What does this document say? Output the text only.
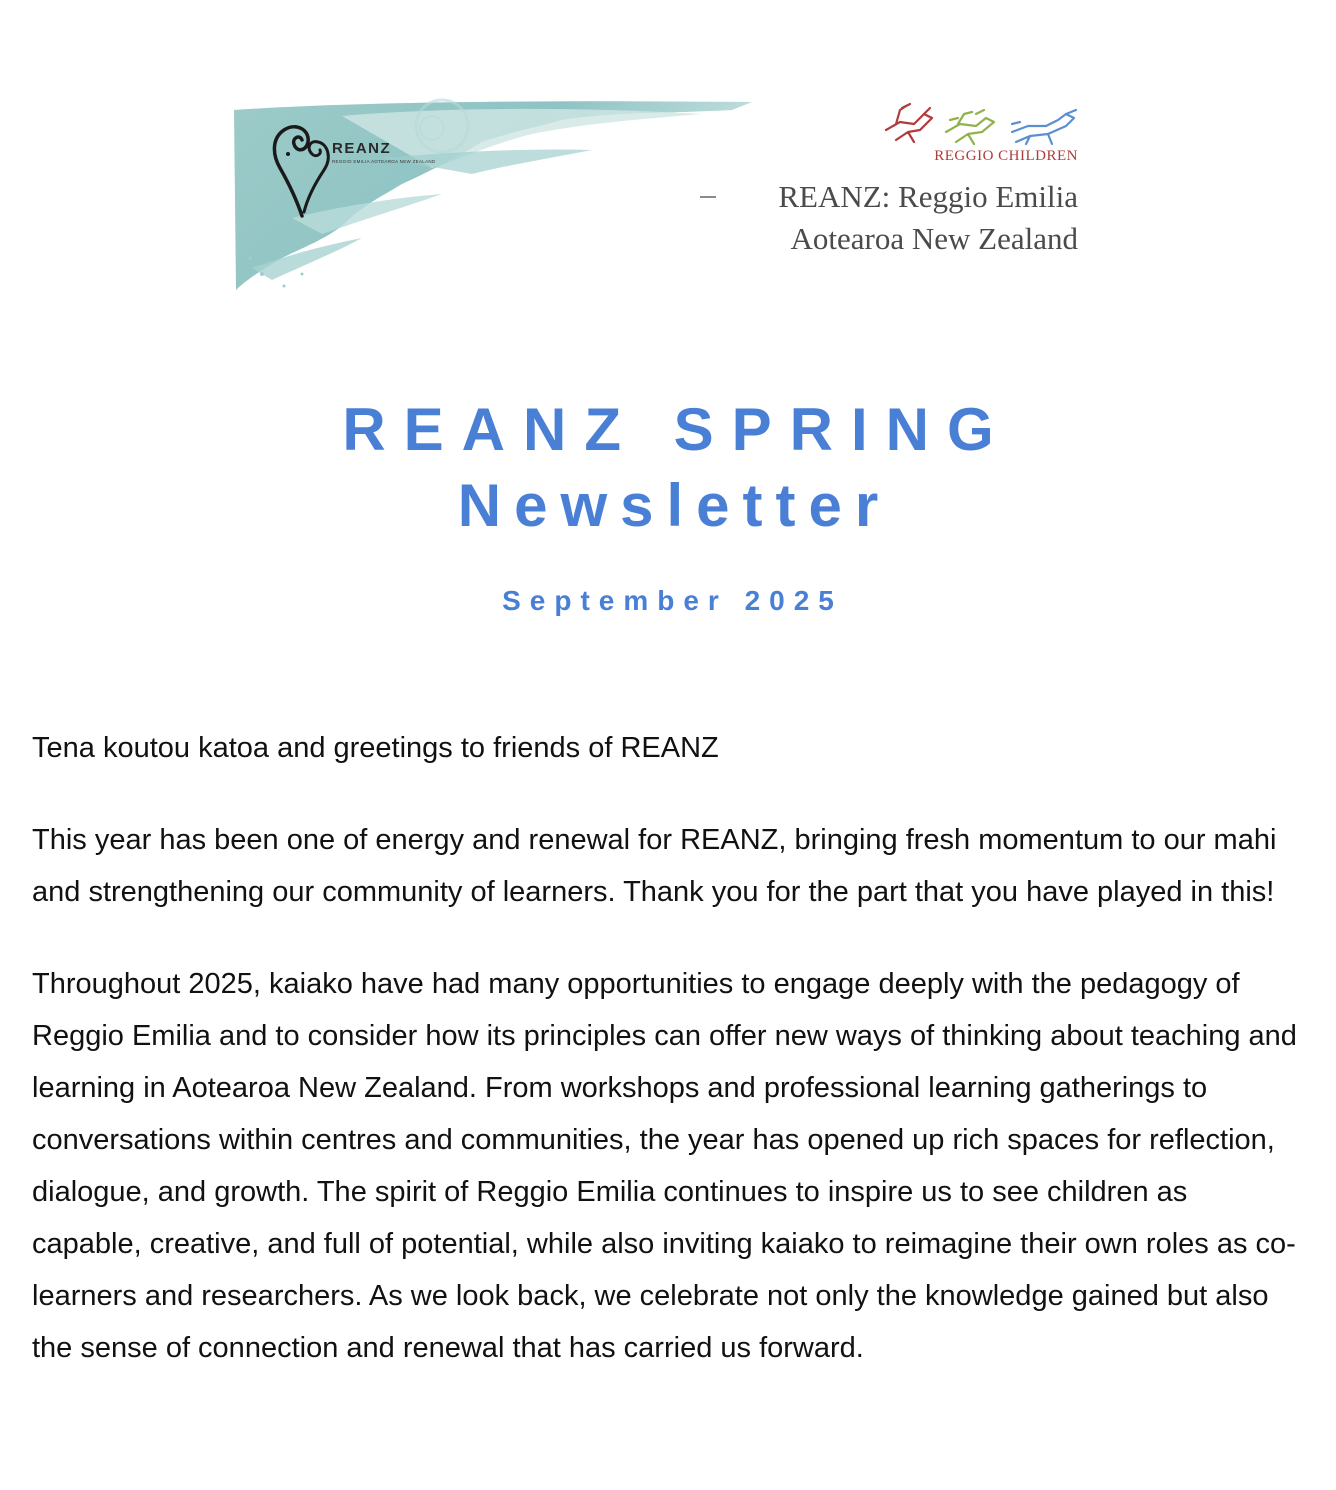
REANZ
REGGIO EMILIA AOTEAROA NEW ZEALAND	REGGIO CHILDREN
REANZ: Reggio Emilia
Aotearoa New Zealand
REANZ SPRING
Newsletter
September 2025

Tena koutou katoa and greetings to friends of REANZ

This year has been one of energy and renewal for REANZ, bringing fresh momentum to our mahi and strengthening our community of learners. Thank you for the part that you have played in this!

Throughout 2025, kaiako have had many opportunities to engage deeply with the pedagogy of Reggio Emilia and to consider how its principles can offer new ways of thinking about teaching and learning in Aotearoa New Zealand. From workshops and professional learning gatherings to conversations within centres and communities, the year has opened up rich spaces for reflection, dialogue, and growth. The spirit of Reggio Emilia continues to inspire us to see children as capable, creative, and full of potential, while also inviting kaiako to reimagine their own roles as co-learners and researchers. As we look back, we celebrate not only the knowledge gained but also the sense of connection and renewal that has carried us forward.
